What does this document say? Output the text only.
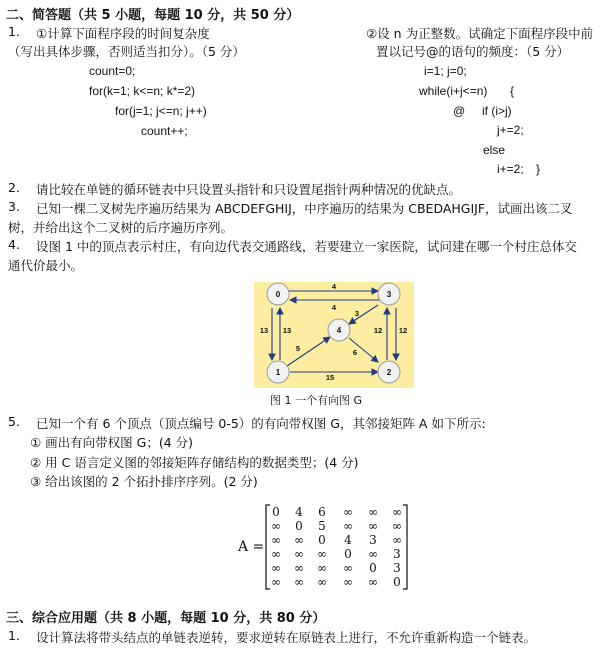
二、简答题（共 5 小题，每题 10 分，共 50 分）
1. ①计算下面程序段的时间复杂度
（写出具体步骤，否则适当扣分）。（5 分）
②设 n 为正整数。试确定下面程序段中前
置以记号@的语句的频度：（5 分）
count=0;
for(k=1; k<=n; k*=2)
for(j=1; j<=n; j++)
count++;
i=1; j=0;
while(i+j<=n) {
@ if (i>j)
j+=2;
else
i+=2; }
2. 请比较在单链的循环链表中只设置头指针和只设置尾指针两种情况的优缺点。
3. 已知一棵二叉树先序遍历结果为 ABCDEFGHIJ，中序遍历的结果为 CBEDAHGIJF，试画出该二叉
树，并给出这个二叉树的后序遍历序列。
4. 设图 1 中的顶点表示村庄，有向边代表交通路线，若要建立一家医院，试问建在哪一个村庄总体交
通代价最小。
0
1	2
3
4
4
4
3
13 13
5	6
12 12
15
图 1 一个有向图 G
5. 已知一个有 6 个顶点（顶点编号 0-5）的有向带权图 G，其邻接矩阵 A 如下所示:
① 画出有向带权图 G；(4 分)
② 用 C 语言定义图的邻接矩阵存储结构的数据类型；(4 分)
③ 给出该图的 2 个拓扑排序序列。(2 分)
A =
0 4 6 ∞ ∞ ∞
∞ 0 5 ∞ ∞ ∞
∞ ∞ 0 4 3 ∞
∞ ∞ ∞ 0 ∞ 3
∞ ∞ ∞ ∞ 0 3
∞ ∞ ∞ ∞ ∞ 0
三、综合应用题（共 8 小题，每题 10 分，共 80 分）
1. 设计算法将带头结点的单链表逆转，要求逆转在原链表上进行，不允许重新构造一个链表。
